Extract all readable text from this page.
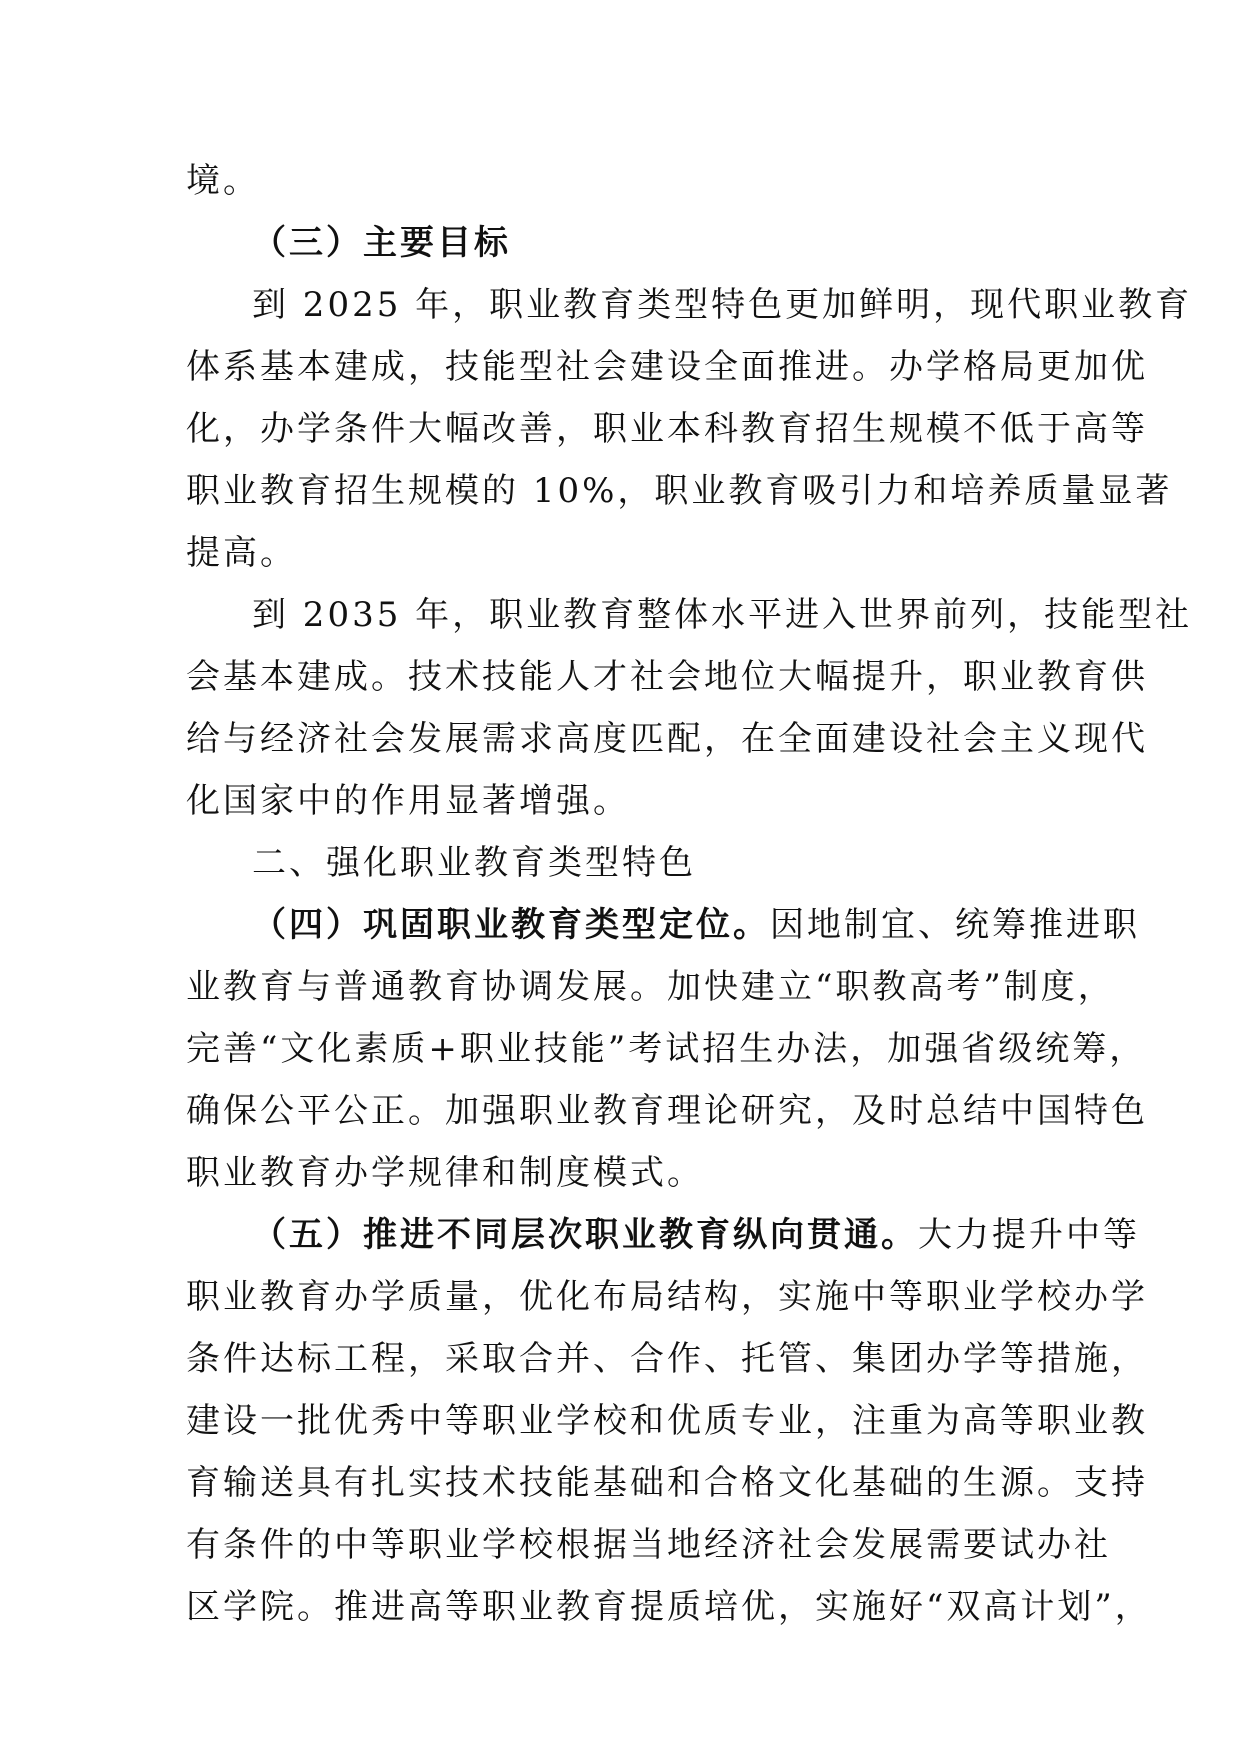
境。
（三）主要目标
到 2025 年，职业教育类型特色更加鲜明，现代职业教育
体系基本建成，技能型社会建设全面推进。办学格局更加优
化，办学条件大幅改善，职业本科教育招生规模不低于高等
职业教育招生规模的 10%，职业教育吸引力和培养质量显著
提高。
到 2035 年，职业教育整体水平进入世界前列，技能型社
会基本建成。技术技能人才社会地位大幅提升，职业教育供
给与经济社会发展需求高度匹配，在全面建设社会主义现代
化国家中的作用显著增强。
二、强化职业教育类型特色
（四）巩固职业教育类型定位。因地制宜、统筹推进职
业教育与普通教育协调发展。加快建立“职教高考”制度，
完善“文化素质+职业技能”考试招生办法，加强省级统筹，
确保公平公正。加强职业教育理论研究，及时总结中国特色
职业教育办学规律和制度模式。
（五）推进不同层次职业教育纵向贯通。大力提升中等
职业教育办学质量，优化布局结构，实施中等职业学校办学
条件达标工程，采取合并、合作、托管、集团办学等措施，
建设一批优秀中等职业学校和优质专业，注重为高等职业教
育输送具有扎实技术技能基础和合格文化基础的生源。支持
有条件的中等职业学校根据当地经济社会发展需要试办社
区学院。推进高等职业教育提质培优，实施好“双高计划”，
